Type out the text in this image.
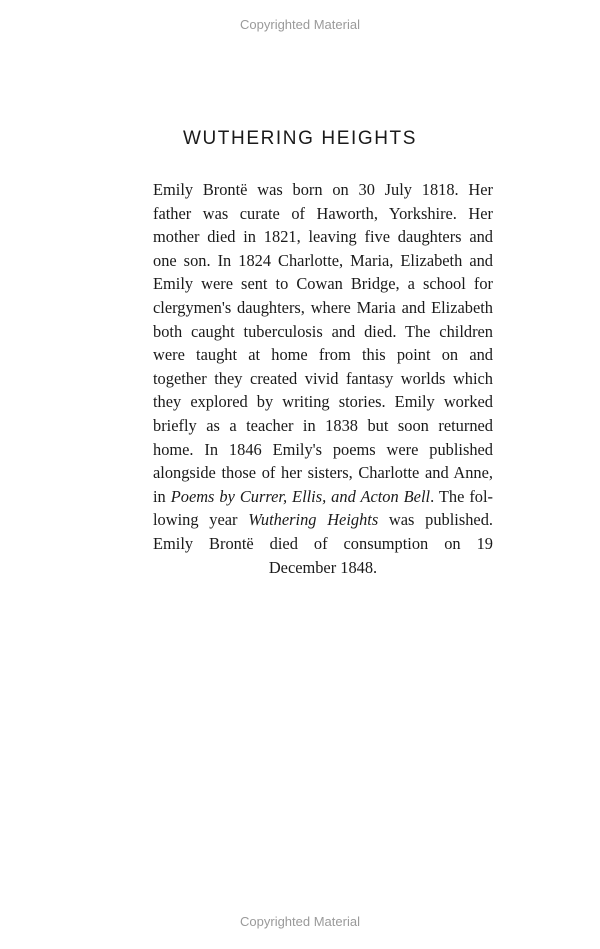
Copyrighted Material
WUTHERING HEIGHTS
Emily Brontë was born on 30 July 1818. Her
father was curate of Haworth, Yorkshire. Her
mother died in 1821, leaving five daughters and
one son. In 1824 Charlotte, Maria, Elizabeth and
Emily were sent to Cowan Bridge, a school for
clergymen's daughters, where Maria and Elizabeth
both caught tuberculosis and died. The children
were taught at home from this point on and
together they created vivid fantasy worlds which
they explored by writing stories. Emily worked
briefly as a teacher in 1838 but soon returned
home. In 1846 Emily's poems were published
alongside those of her sisters, Charlotte and Anne,
in Poems by Currer, Ellis, and Acton Bell. The fol-
lowing year Wuthering Heights was published.
Emily Brontë died of consumption on 19
December 1848.
Copyrighted Material
